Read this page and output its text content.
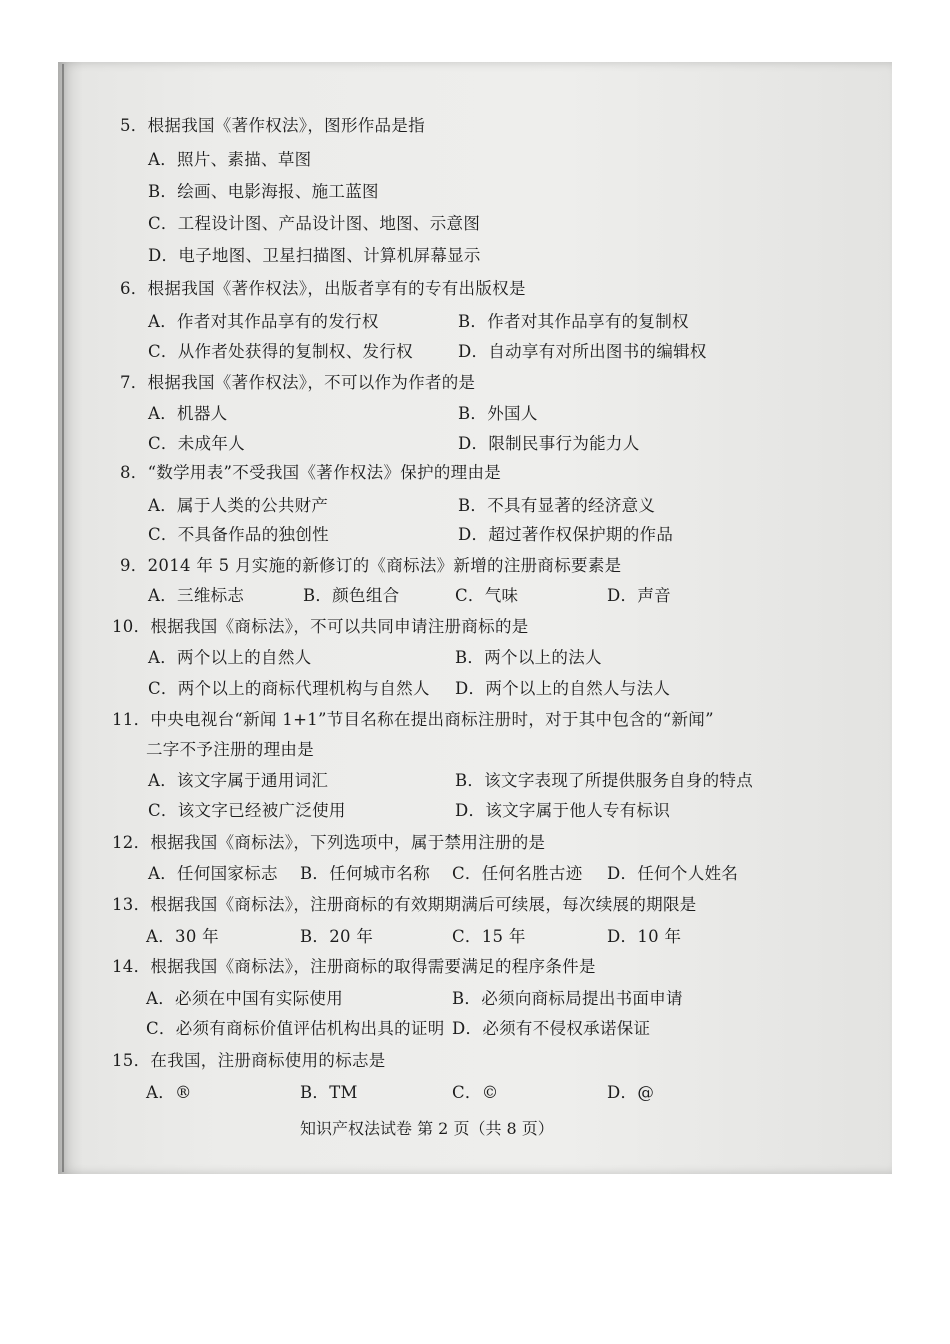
5．根据我国《著作权法》，图形作品是指
A．照片、素描、草图
B．绘画、电影海报、施工蓝图
C．工程设计图、产品设计图、地图、示意图
D．电子地图、卫星扫描图、计算机屏幕显示
6．根据我国《著作权法》，出版者享有的专有出版权是
A．作者对其作品享有的发行权	B．作者对其作品享有的复制权
C．从作者处获得的复制权、发行权	D．自动享有对所出图书的编辑权
7．根据我国《著作权法》，不可以作为作者的是
A．机器人	B．外国人
C．未成年人	D．限制民事行为能力人
8．“数学用表”不受我国《著作权法》保护的理由是
A．属于人类的公共财产	B．不具有显著的经济意义
C．不具备作品的独创性	D．超过著作权保护期的作品
9．2014 年 5 月实施的新修订的《商标法》新增的注册商标要素是
A．三维标志	B．颜色组合	C．气味	D．声音
10．根据我国《商标法》，不可以共同申请注册商标的是
A．两个以上的自然人	B．两个以上的法人
C．两个以上的商标代理机构与自然人 D．两个以上的自然人与法人
11．中央电视台“新闻 1+1”节目名称在提出商标注册时，对于其中包含的“新闻”
二字不予注册的理由是
A．该文字属于通用词汇	B．该文字表现了所提供服务自身的特点
C．该文字已经被广泛使用	D．该文字属于他人专有标识
12．根据我国《商标法》，下列选项中，属于禁用注册的是
A．任何国家标志 B．任何城市名称 C．任何名胜古迹 D．任何个人姓名
13．根据我国《商标法》，注册商标的有效期期满后可续展，每次续展的期限是
A．30 年	B．20 年	C．15 年	D．10 年
14．根据我国《商标法》，注册商标的取得需要满足的程序条件是
A．必须在中国有实际使用	B．必须向商标局提出书面申请
C．必须有商标价值评估机构出具的证明 D．必须有不侵权承诺保证
15．在我国，注册商标使用的标志是
A．®	B．TM	C．©	D．@
知识产权法试卷 第 2 页（共 8 页）
